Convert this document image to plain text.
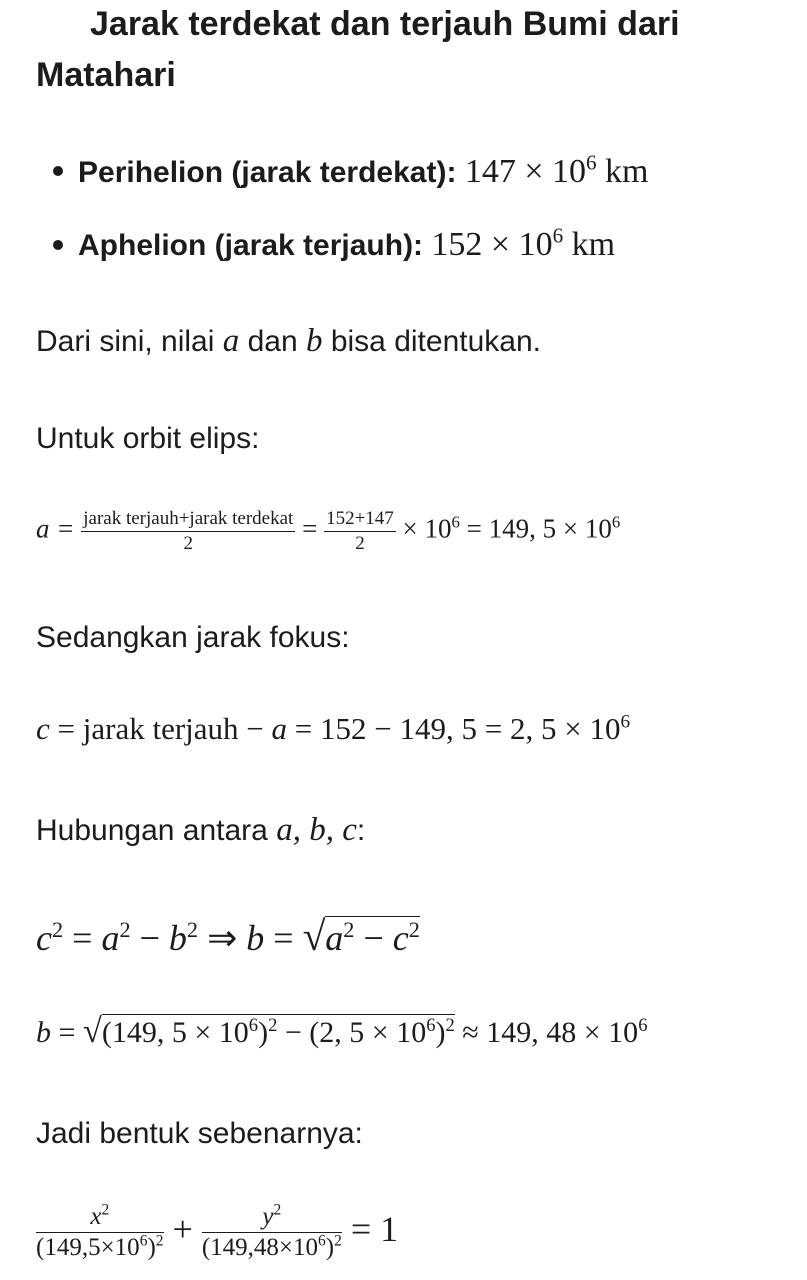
Jarak terdekat dan terjauh Bumi dari
Matahari
Perihelion (jarak terdekat): $147 \times 10^6$ km
Aphelion (jarak terjauh): $152 \times 10^6$ km
Dari sini, nilai a dan b bisa ditentukan.
Untuk orbit elips:
$a = \frac{\text{jarak terjauh+jarak terdekat}}{2} = \frac{152+147}{2} \times 10^6 = 149$, $5 \times 10^6$
Sedangkan jarak fokus:
c = jarak terjauh − a = 152 − 149, 5 = 2, $5 \times 10^6$
Hubungan antara a, b, c:
$c^2 = a^2 - b^2$ ⇒ $b = √a^2 - c^2$
b = √(149, $5 \times 10^6)^2 - (2$, $5 \times 10^6)^2 \approx 149$, $48 \times 10^6$
Jadi bentuk sebenarnya:
$\frac{x^2}{(149,5\times 10^6)^2} + \frac{y^2}{(149,48\times 10^6)^2} = 1$
